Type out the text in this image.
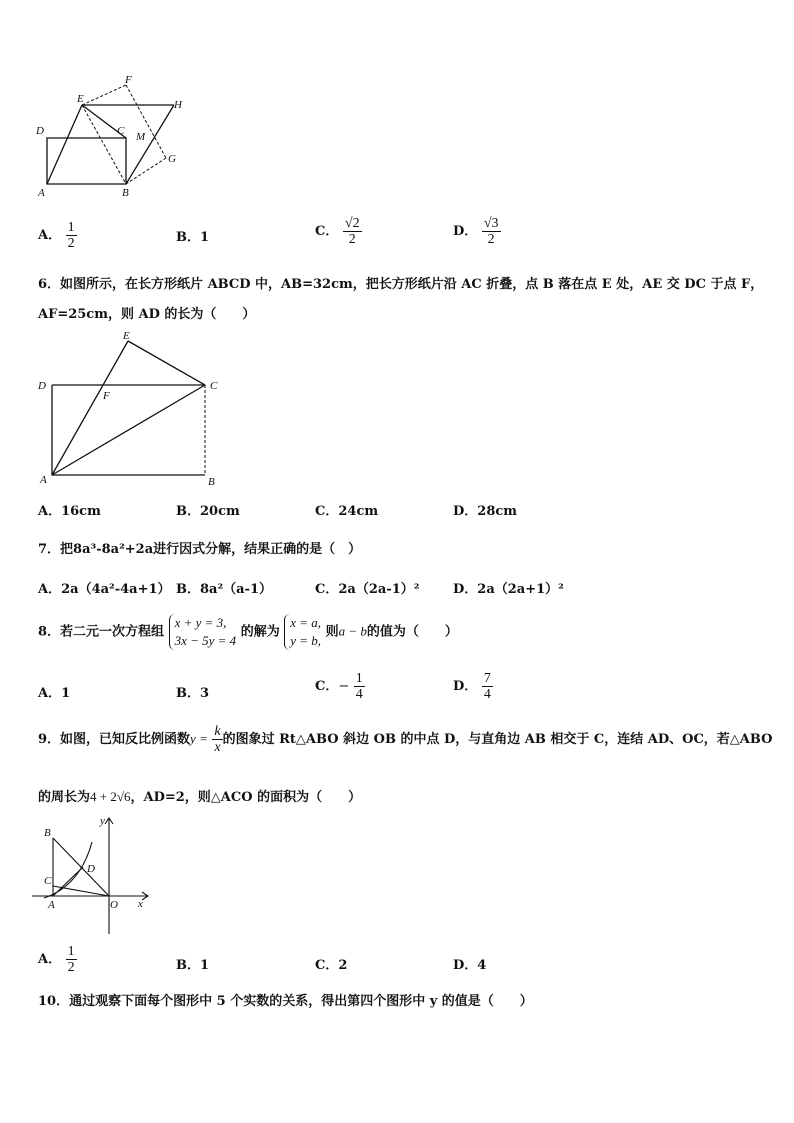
D
E
F
H
C M
G
A	B
A． $\frac{1}{2}$	B．1	C． $\frac{√2}{2}$	D． $\frac{√3}{2}$
6．如图所示，在长方形纸片 ABCD 中，AB=32cm，把长方形纸片沿 AC 折叠，点 B 落在点 E 处，AE 交 DC 于点 F，
AF=25cm，则 AD 的长为（　　）
E
D
F
C
A	B
A．16cm	B．20cm	C．24cm	D．28cm
7．把8a³-8a²+2a进行因式分解，结果正确的是（　）
A．2a（4a²-4a+1） B．8a²（a-1）	C．2a（2a-1）²	D．2a（2a+1）²
8．若二元一次方程组
x + y = 3,
3x − 5y = 4
的解为
x = a,
y = b,
则a − b的值为（　　）
A．1	B．3	C．− $\frac{1}{4}$	D． $\frac{7}{4}$
9．如图，已知反比例函数$y = \frac{k}{x}$ 的图象过 Rt△ABO 斜边 OB 的中点 D，与直角边 AB 相交于 C，连结 AD、OC，若△ABO
的周长为4 + 2√6，AD=2，则△ACO 的面积为（　　）
B
y
D
C
A	O x
A． $\frac{1}{2}$	B．1	C．2	D．4
10．通过观察下面每个图形中 5 个实数的关系，得出第四个图形中 y 的值是（　　）
